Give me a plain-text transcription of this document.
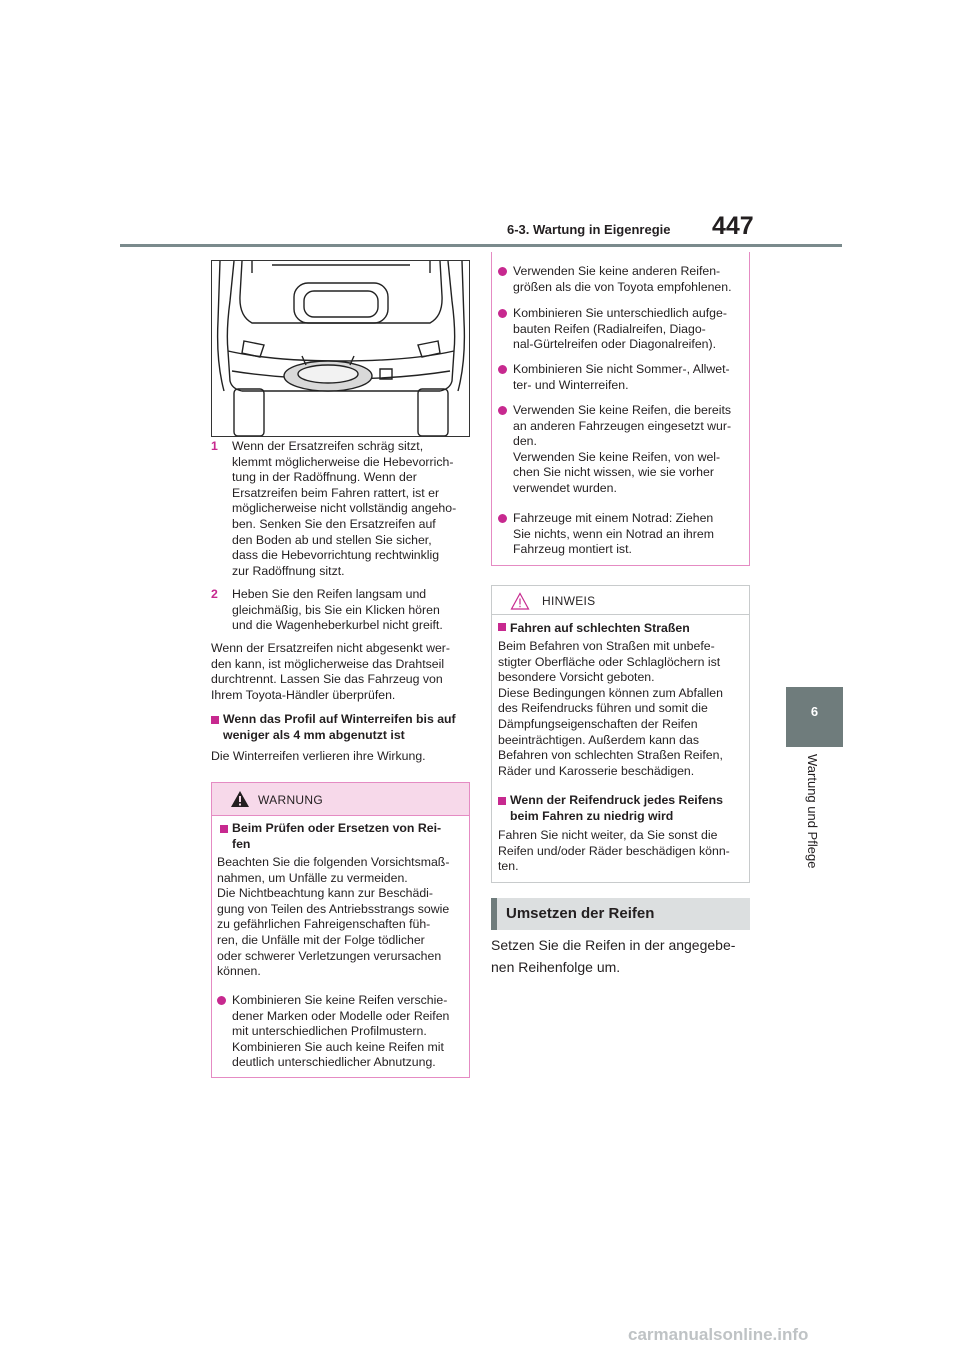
6-3. Wartung in Eigenregie 447
6
Wartung und Pflege
1 Wenn der Ersatzreifen schräg sitzt,

klemmt möglicherweise die Hebevorrich-

tung in der Radöffnung. Wenn der

Ersatzreifen beim Fahren rattert, ist er

möglicherweise nicht vollständig angeho-

ben. Senken Sie den Ersatzreifen auf

den Boden ab und stellen Sie sicher,

dass die Hebevorrichtung rechtwinklig

zur Radöffnung sitzt.

2 Heben Sie den Reifen langsam und

gleichmäßig, bis Sie ein Klicken hören

und die Wagenheberkurbel nicht greift.

Wenn der Ersatzreifen nicht abgesenkt wer-

den kann, ist möglicherweise das Drahtseil

durchtrennt. Lassen Sie das Fahrzeug von

Ihrem Toyota-Händler überprüfen.

Wenn das Profil auf Winterreifen bis auf

weniger als 4 mm abgenutzt ist

Die Winterreifen verlieren ihre Wirkung.
WARNUNG

Beim Prüfen oder Ersetzen von Rei-

fen

Beachten Sie die folgenden Vorsichtsmaß-

nahmen, um Unfälle zu vermeiden.

Die Nichtbeachtung kann zur Beschädi-

gung von Teilen des Antriebsstrangs sowie

zu gefährlichen Fahreigenschaften füh-

ren, die Unfälle mit der Folge tödlicher

oder schwerer Verletzungen verursachen

können.

Kombinieren Sie keine Reifen verschie-

dener Marken oder Modelle oder Reifen

mit unterschiedlichen Profilmustern.

Kombinieren Sie auch keine Reifen mit

deutlich unterschiedlicher Abnutzung.

Verwenden Sie keine anderen Reifen-

größen als die von Toyota empfohlenen.

Kombinieren Sie unterschiedlich aufge-

bauten Reifen (Radialreifen, Diago-

nal-Gürtelreifen oder Diagonalreifen).

Kombinieren Sie nicht Sommer-, Allwet-

ter- und Winterreifen.

Verwenden Sie keine Reifen, die bereits

an anderen Fahrzeugen eingesetzt wur-

den.

Verwenden Sie keine Reifen, von wel-

chen Sie nicht wissen, wie sie vorher

verwendet wurden.

Fahrzeuge mit einem Notrad: Ziehen

Sie nichts, wenn ein Notrad an ihrem

Fahrzeug montiert ist.

HINWEIS
Fahren auf schlechten Straßen

Beim Befahren von Straßen mit unbefe-

stigter Oberfläche oder Schlaglöchern ist

besondere Vorsicht geboten.

Diese Bedingungen können zum Abfallen

des Reifendrucks führen und somit die

Dämpfungseigenschaften der Reifen

beeinträchtigen. Außerdem kann das

Befahren von schlechten Straßen Reifen,

Räder und Karosserie beschädigen.

Wenn der Reifendruck jedes Reifens

beim Fahren zu niedrig wird

Fahren Sie nicht weiter, da Sie sonst die

Reifen und/oder Räder beschädigen könn-

ten.

Umsetzen der Reifen

Setzen Sie die Reifen in der angegebe-

nen Reihenfolge um.

carmanualsonline.info
